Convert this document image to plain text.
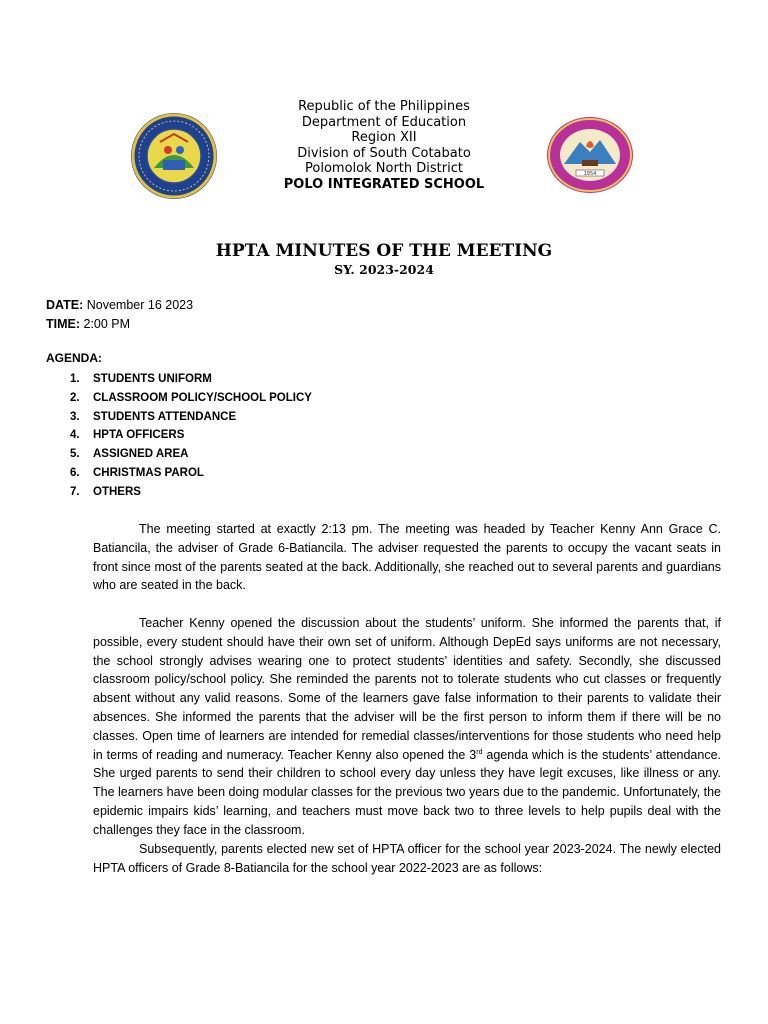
1954
Republic of the Philippines
Department of Education
Region XII
Division of South Cotabato
Polomolok North District
POLO INTEGRATED SCHOOL
HPTA MINUTES OF THE MEETING
SY. 2023-2024
DATE: November 16 2023
TIME: 2:00 PM
AGENDA:
1. STUDENTS UNIFORM
2. CLASSROOM POLICY/SCHOOL POLICY
3. STUDENTS ATTENDANCE
4. HPTA OFFICERS
5. ASSIGNED AREA
6. CHRISTMAS PAROL
7. OTHERS
The meeting started at exactly 2:13 pm. The meeting was headed by Teacher Kenny Ann Grace C. Batiancila, the adviser of Grade 6-Batiancila. The adviser requested the parents to occupy the vacant seats in front since most of the parents seated at the back. Additionally, she reached out to several parents and guardians who are seated in the back.
Teacher Kenny opened the discussion about the students’ uniform. She informed the parents that, if possible, every student should have their own set of uniform. Although DepEd says uniforms are not necessary, the school strongly advises wearing one to protect students’ identities and safety. Secondly, she discussed classroom policy/school policy. She reminded the parents not to tolerate students who cut classes or frequently absent without any valid reasons. Some of the learners gave false information to their parents to validate their absences. She informed the parents that the adviser will be the first person to inform them if there will be no classes. Open time of learners are intended for remedial classes/interventions for those students who need help in terms of reading and numeracy. Teacher Kenny also opened the 3rd agenda which is the students’ attendance. She urged parents to send their children to school every day unless they have legit excuses, like illness or any. The learners have been doing modular classes for the previous two years due to the pandemic. Unfortunately, the epidemic impairs kids’ learning, and teachers must move back two to three levels to help pupils deal with the challenges they face in the classroom.
Subsequently, parents elected new set of HPTA officer for the school year 2023-2024. The newly elected HPTA officers of Grade 8-Batiancila for the school year 2022-2023 are as follows:
